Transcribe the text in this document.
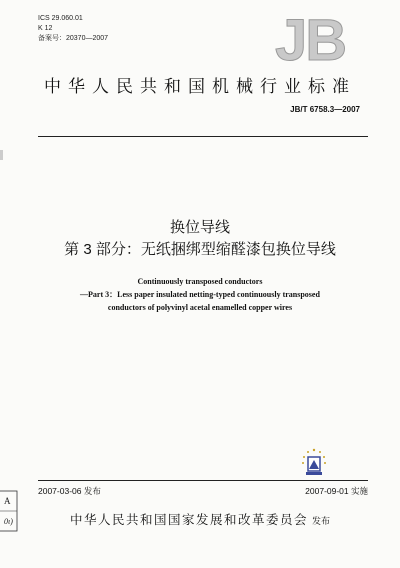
ICS 29.060.01
K 12
备案号：20370—2007	JB
中华人民共和国机械行业标准
JB/T 6758.3—2007
换位导线
第 3 部分：无纸捆绑型缩醛漆包换位导线
Continuously transposed conductors
—Part 3：Less paper insulated netting-typed continuously transposed
conductors of polyvinyl acetal enamelled copper wires
2007-03-06 发布	2007-09-01 实施
A
0ι)	中华人民共和国国家发展和改革委员会 发布
